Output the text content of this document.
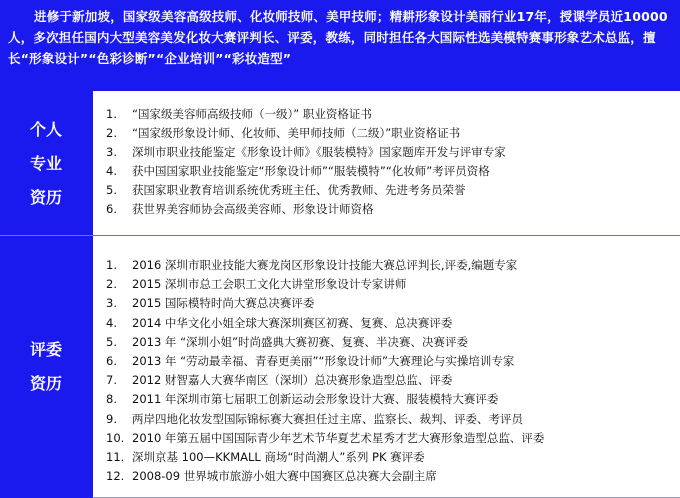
进修于新加坡，国家级美容高级技师、化妆师技师、美甲技师；精耕形象设计美丽行业17年，授课学员近10000人，多次担任国内大型美容美发化妆大赛评判长、评委，教练，同时担任各大国际性选美模特赛事形象艺术总监，擅长“形象设计”“色彩诊断”“企业培训”“彩妆造型”
个人
专业
资历
1.	“国家级美容师高级技师（一级）” 职业资格证书
2.	“国家级形象设计师、化妆师、美甲师技师（二级）”职业资格证书
3.	深圳市职业技能鉴定《形象设计师》《服装模特》国家题库开发与评审专家
4.	获中国国家职业技能鉴定“形象设计师”“服装模特”“化妆师”考评员资格
5.	获国家职业教育培训系统优秀班主任、优秀教师、先进考务员荣誉
6.	获世界美容师协会高级美容师、形象设计师资格
评委
资历
1.	2016 深圳市职业技能大赛龙岗区形象设计技能大赛总评判长,评委,编题专家
2.	2015 深圳市总工会职工文化大讲堂形象设计专家讲师
3.	2015 国际模特时尚大赛总决赛评委
4.	2014 中华文化小姐全球大赛深圳赛区初赛、复赛、总决赛评委
5.	2013 年 “深圳小姐”时尚盛典大赛初赛、复赛、半决赛、决赛评委
6.	2013 年 “劳动最幸福、青春更美丽”“形象设计师”大赛理论与实操培训专家
7.	2012 财智嘉人大赛华南区（深圳）总决赛形象造型总监、评委
8.	2011 年深圳市第七届职工创新运动会形象设计大赛、服装模特大赛评委
9.	两岸四地化妆发型国际锦标赛大赛担任过主席、监察长、裁判、评委、考评员
10. 2010 年第五届中国国际青少年艺术节华夏艺术星秀才艺大赛形象造型总监、评委
11. 深圳京基 100—KKMALL 商场“时尚潮人”系列 PK 赛评委
12. 2008-09 世界城市旅游小姐大赛中国赛区总决赛大会副主席
